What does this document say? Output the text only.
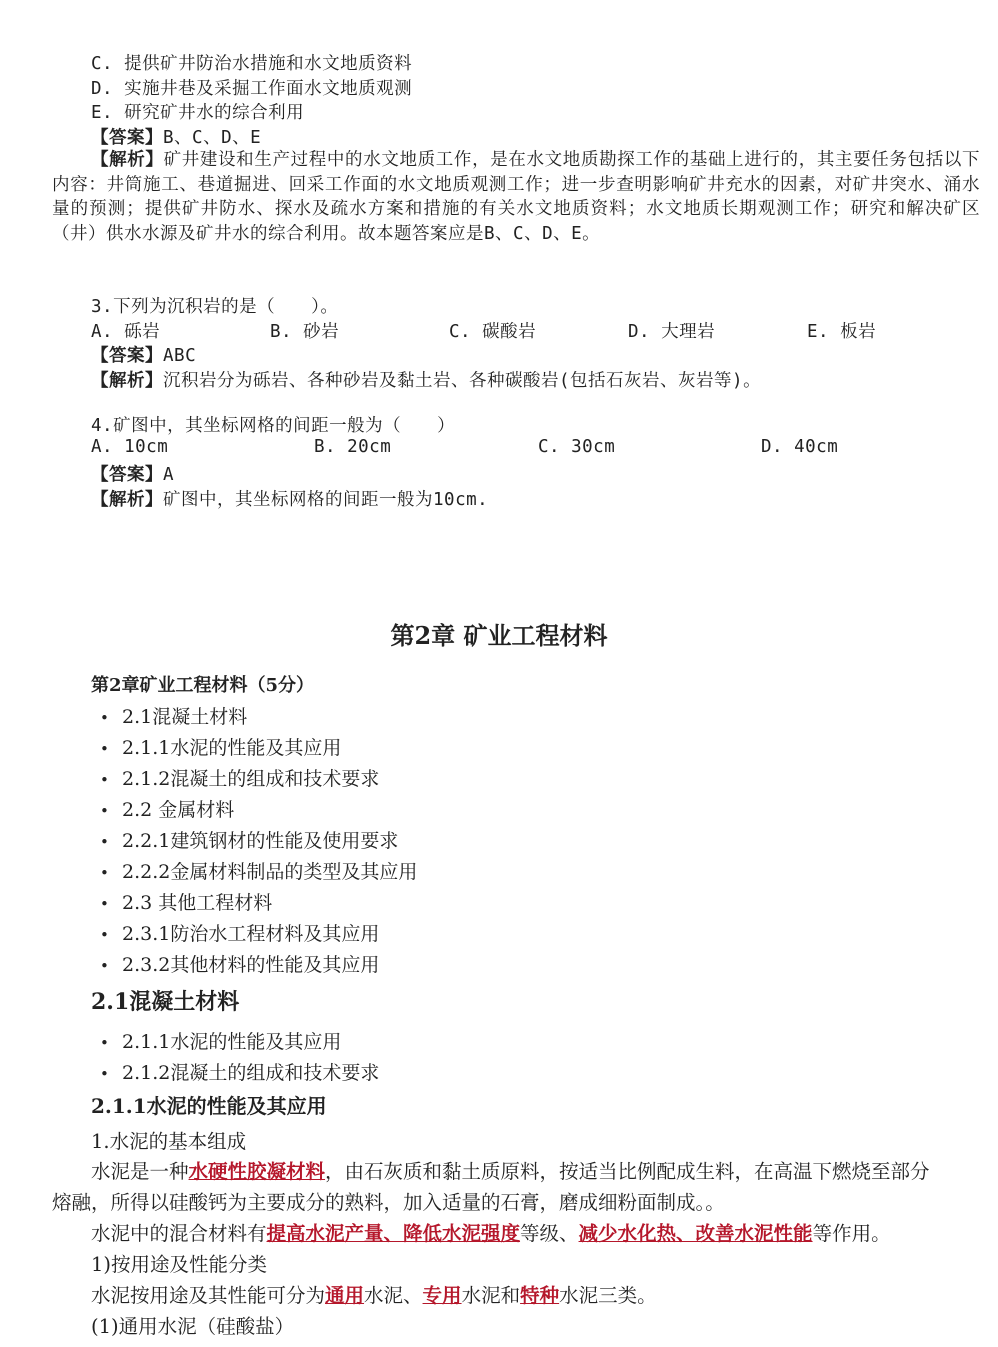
C. 提供矿井防治水措施和水文地质资料
D. 实施井巷及采掘工作面水文地质观测
E. 研究矿井水的综合利用
【答案】B、C、D、E
【解析】矿井建设和生产过程中的水文地质工作，是在水文地质勘探工作的基础上进行的，其主要任务包括以下内容：井筒施工、巷道掘进、回采工作面的水文地质观测工作；进一步查明影响矿井充水的因素，对矿井突水、涌水量的预测；提供矿井防水、探水及疏水方案和措施的有关水文地质资料；水文地质长期观测工作；研究和解决矿区（井）供水水源及矿井水的综合利用。故本题答案应是B、C、D、E。
3.下列为沉积岩的是（　　）。
A. 砾岩	B. 砂岩	C. 碳酸岩	D. 大理岩	E. 板岩
【答案】ABC
【解析】沉积岩分为砾岩、各种砂岩及黏土岩、各种碳酸岩(包括石灰岩、灰岩等)。
4.矿图中，其坐标网格的间距一般为（　　）
A. 10cm	B. 20cm	C. 30cm	D. 40cm
【答案】A
【解析】矿图中，其坐标网格的间距一般为10cm.
第2章 矿业工程材料
第2章矿业工程材料（5分）
• 2.1混凝土材料
• 2.1.1水泥的性能及其应用
• 2.1.2混凝土的组成和技术要求
• 2.2 金属材料
• 2.2.1建筑钢材的性能及使用要求
• 2.2.2金属材料制品的类型及其应用
• 2.3 其他工程材料
• 2.3.1防治水工程材料及其应用
• 2.3.2其他材料的性能及其应用
2.1混凝土材料
• 2.1.1水泥的性能及其应用
• 2.1.2混凝土的组成和技术要求
2.1.1水泥的性能及其应用
1.水泥的基本组成
水泥是一种水硬性胶凝材料，由石灰质和黏土质原料，按适当比例配成生料，在高温下燃烧至部分
熔融，所得以硅酸钙为主要成分的熟料，加入适量的石膏，磨成细粉面制成。。
水泥中的混合材料有提高水泥产量、降低水泥强度等级、减少水化热、改善水泥性能等作用。
1)按用途及性能分类
水泥按用途及其性能可分为通用水泥、专用水泥和特种水泥三类。
(1)通用水泥（硅酸盐）
